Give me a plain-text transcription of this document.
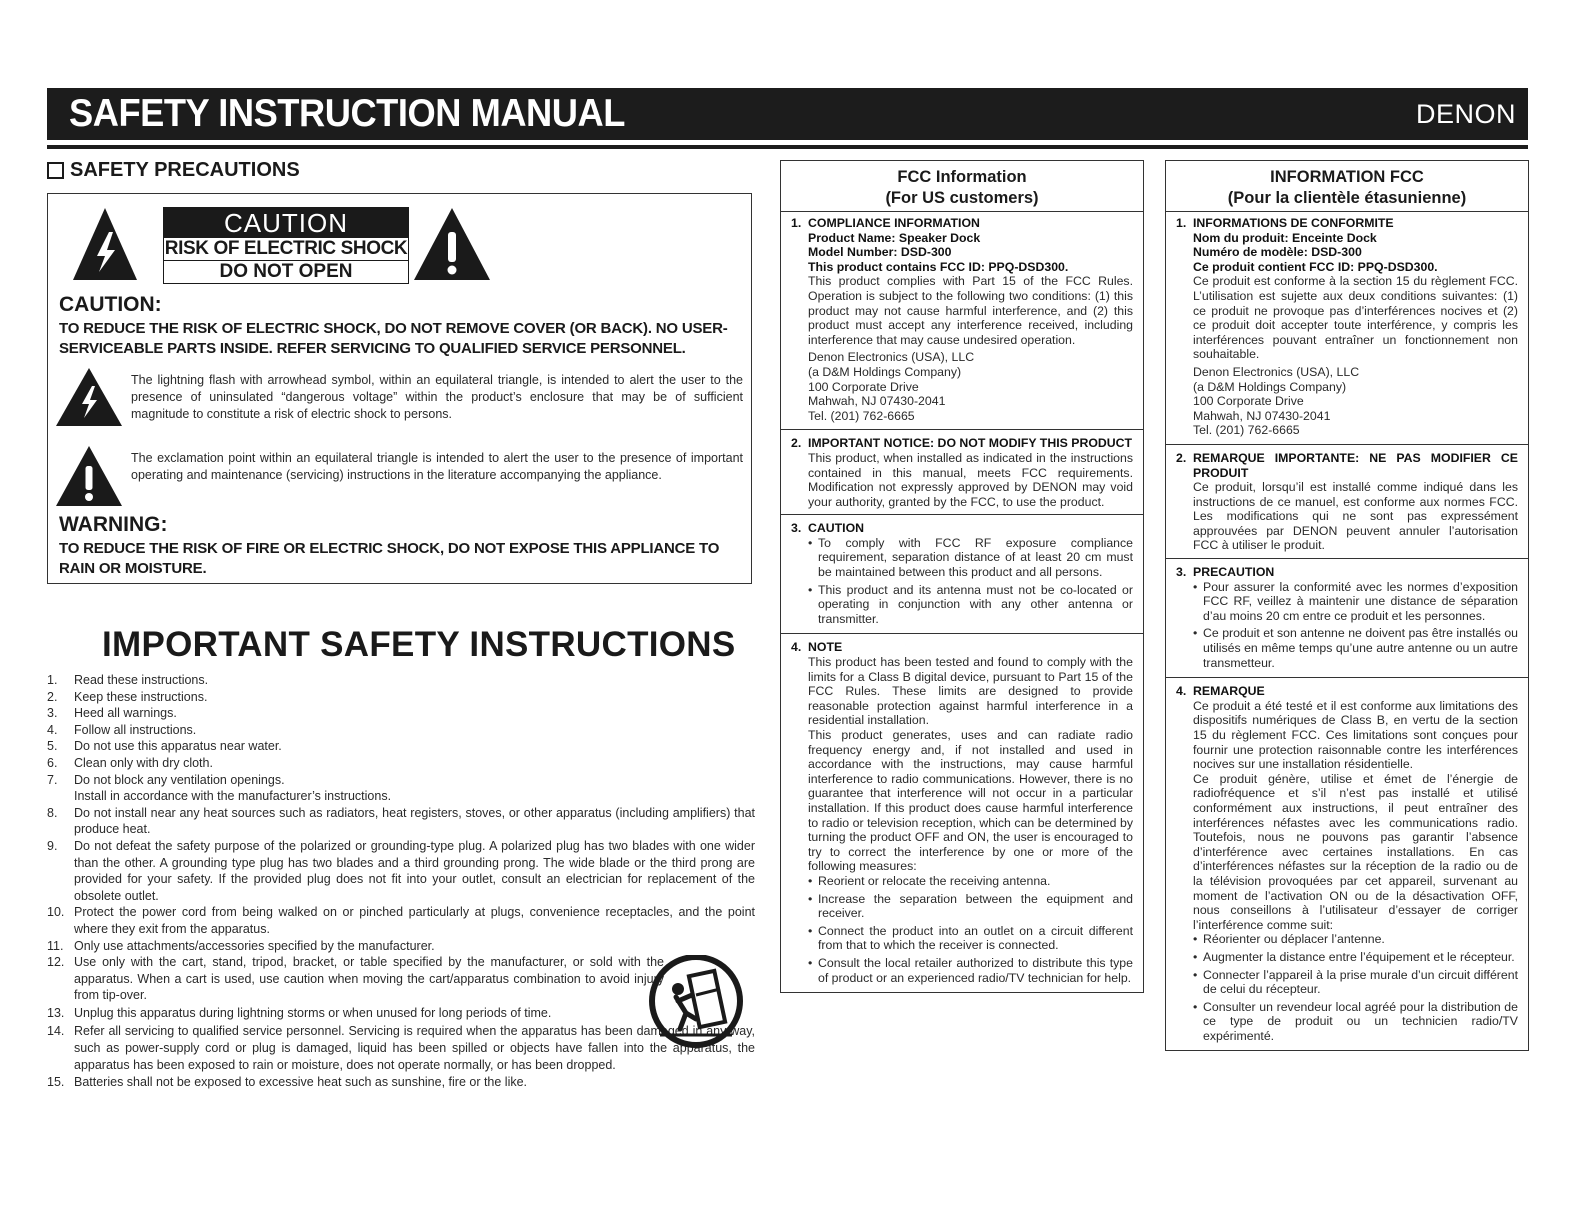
SAFETY INSTRUCTION MANUAL	DENON
SAFETY PRECAUTIONS
CAUTION
RISK OF ELECTRIC SHOCK
DO NOT OPEN
CAUTION:
TO REDUCE THE RISK OF ELECTRIC SHOCK, DO NOT REMOVE COVER (OR BACK). NO USER-SERVICEABLE PARTS INSIDE. REFER SERVICING TO QUALIFIED SERVICE PERSONNEL.
The lightning flash with arrowhead symbol, within an equilateral triangle, is intended to alert the user to the presence of uninsulated “dangerous voltage” within the product’s enclosure that may be of sufficient magnitude to constitute a risk of electric shock to persons.
The exclamation point within an equilateral triangle is intended to alert the user to the presence of important operating and maintenance (servicing) instructions in the literature accompanying the appliance.
WARNING:
TO REDUCE THE RISK OF FIRE OR ELECTRIC SHOCK, DO NOT EXPOSE THIS APPLIANCE TO RAIN OR MOISTURE.
IMPORTANT SAFETY INSTRUCTIONS
1. Read these instructions.
2. Keep these instructions.
3. Heed all warnings.
4. Follow all instructions.
5. Do not use this apparatus near water.
6. Clean only with dry cloth.
7. Do not block any ventilation openings.
Install in accordance with the manufacturer’s instructions.
8. Do not install near any heat sources such as radiators, heat registers, stoves, or other apparatus (including amplifiers) that produce heat.
9. Do not defeat the safety purpose of the polarized or grounding-type plug. A polarized plug has two blades with one wider than the other. A grounding type plug has two blades and a third grounding prong. The wide blade or the third prong are provided for your safety. If the provided plug does not fit into your outlet, consult an electrician for replacement of the obsolete outlet.
10. Protect the power cord from being walked on or pinched particularly at plugs, convenience receptacles, and the point where they exit from the apparatus.
11. Only use attachments/accessories specified by the manufacturer.
12. Use only with the cart, stand, tripod, bracket, or table specified by the manufacturer, or sold with the apparatus. When a cart is used, use caution when moving the cart/apparatus combination to avoid injury from tip-over.
13. Unplug this apparatus during lightning storms or when unused for long periods of time.
14. Refer all servicing to qualified service personnel. Servicing is required when the apparatus has been damaged in any way, such as power-supply cord or plug is damaged, liquid has been spilled or objects have fallen into the apparatus, the apparatus has been exposed to rain or moisture, does not operate normally, or has been dropped.
15. Batteries shall not be exposed to excessive heat such as sunshine, fire or the like.
FCC Information
(For US customers)
1. COMPLIANCE INFORMATION
Product Name: Speaker Dock
Model Number: DSD-300
This product contains FCC ID: PPQ-DSD300.
This product complies with Part 15 of the FCC Rules. Operation is subject to the following two conditions: (1) this product may not cause harmful interference, and (2) this product must accept any interference received, including interference that may cause undesired operation.
Denon Electronics (USA), LLC
(a D&M Holdings Company)
100 Corporate Drive
Mahwah, NJ 07430-2041
Tel. (201) 762-6665
2. IMPORTANT NOTICE: DO NOT MODIFY THIS PRODUCT
This product, when installed as indicated in the instructions contained in this manual, meets FCC requirements. Modification not expressly approved by DENON may void your authority, granted by the FCC, to use the product.
3. CAUTION
• To comply with FCC RF exposure compliance requirement, separation distance of at least 20 cm must be maintained between this product and all persons.
• This product and its antenna must not be co-located or operating in conjunction with any other antenna or transmitter.
4. NOTE
This product has been tested and found to comply with the limits for a Class B digital device, pursuant to Part 15 of the FCC Rules. These limits are designed to provide reasonable protection against harmful interference in a residential installation.
This product generates, uses and can radiate radio frequency energy and, if not installed and used in accordance with the instructions, may cause harmful interference to radio communications. However, there is no guarantee that interference will not occur in a particular installation. If this product does cause harmful interference to radio or television reception, which can be determined by turning the product OFF and ON, the user is encouraged to try to correct the interference by one or more of the following measures:
• Reorient or relocate the receiving antenna.
• Increase the separation between the equipment and receiver.
• Connect the product into an outlet on a circuit different from that to which the receiver is connected.
• Consult the local retailer authorized to distribute this type of product or an experienced radio/TV technician for help.
INFORMATION FCC
(Pour la clientèle étasunienne)
1. INFORMATIONS DE CONFORMITE
Nom du produit: Enceinte Dock
Numéro de modèle: DSD-300
Ce produit contient FCC ID: PPQ-DSD300.
Ce produit est conforme à la section 15 du règlement FCC. L’utilisation est sujette aux deux conditions suivantes: (1) ce produit ne provoque pas d’interférences nocives et (2) ce produit doit accepter toute interférence, y compris les interférences pouvant entraîner un fonctionnement non souhaitable.
Denon Electronics (USA), LLC
(a D&M Holdings Company)
100 Corporate Drive
Mahwah, NJ 07430-2041
Tel. (201) 762-6665
2. REMARQUE IMPORTANTE: NE PAS MODIFIER CE PRODUIT
Ce produit, lorsqu’il est installé comme indiqué dans les instructions de ce manuel, est conforme aux normes FCC. Les modifications qui ne sont pas expressément approuvées par DENON peuvent annuler l’autorisation FCC à utiliser le produit.
3. PRECAUTION
• Pour assurer la conformité avec les normes d’exposition FCC RF, veillez à maintenir une distance de séparation d’au moins 20 cm entre ce produit et les personnes.
• Ce produit et son antenne ne doivent pas être installés ou utilisés en même temps qu’une autre antenne ou un autre transmetteur.
4. REMARQUE
Ce produit a été testé et il est conforme aux limitations des dispositifs numériques de Class B, en vertu de la section 15 du règlement FCC. Ces limitations sont conçues pour fournir une protection raisonnable contre les interférences nocives sur une installation résidentielle.
Ce produit génère, utilise et émet de l’énergie de radiofréquence et s’il n’est pas installé et utilisé conformément aux instructions, il peut entraîner des interférences néfastes avec les communications radio. Toutefois, nous ne pouvons pas garantir l’absence d’interférence avec certaines installations. En cas d’interférences néfastes sur la réception de la radio ou de la télévision provoquées par cet appareil, survenant au moment de l’activation ON ou de la désactivation OFF, nous conseillons à l’utilisateur d’essayer de corriger l’interférence comme suit:
• Réorienter ou déplacer l’antenne.
• Augmenter la distance entre l’équipement et le récepteur.
• Connecter l’appareil à la prise murale d’un circuit différent de celui du récepteur.
• Consulter un revendeur local agréé pour la distribution de ce type de produit ou un technicien radio/TV expérimenté.
